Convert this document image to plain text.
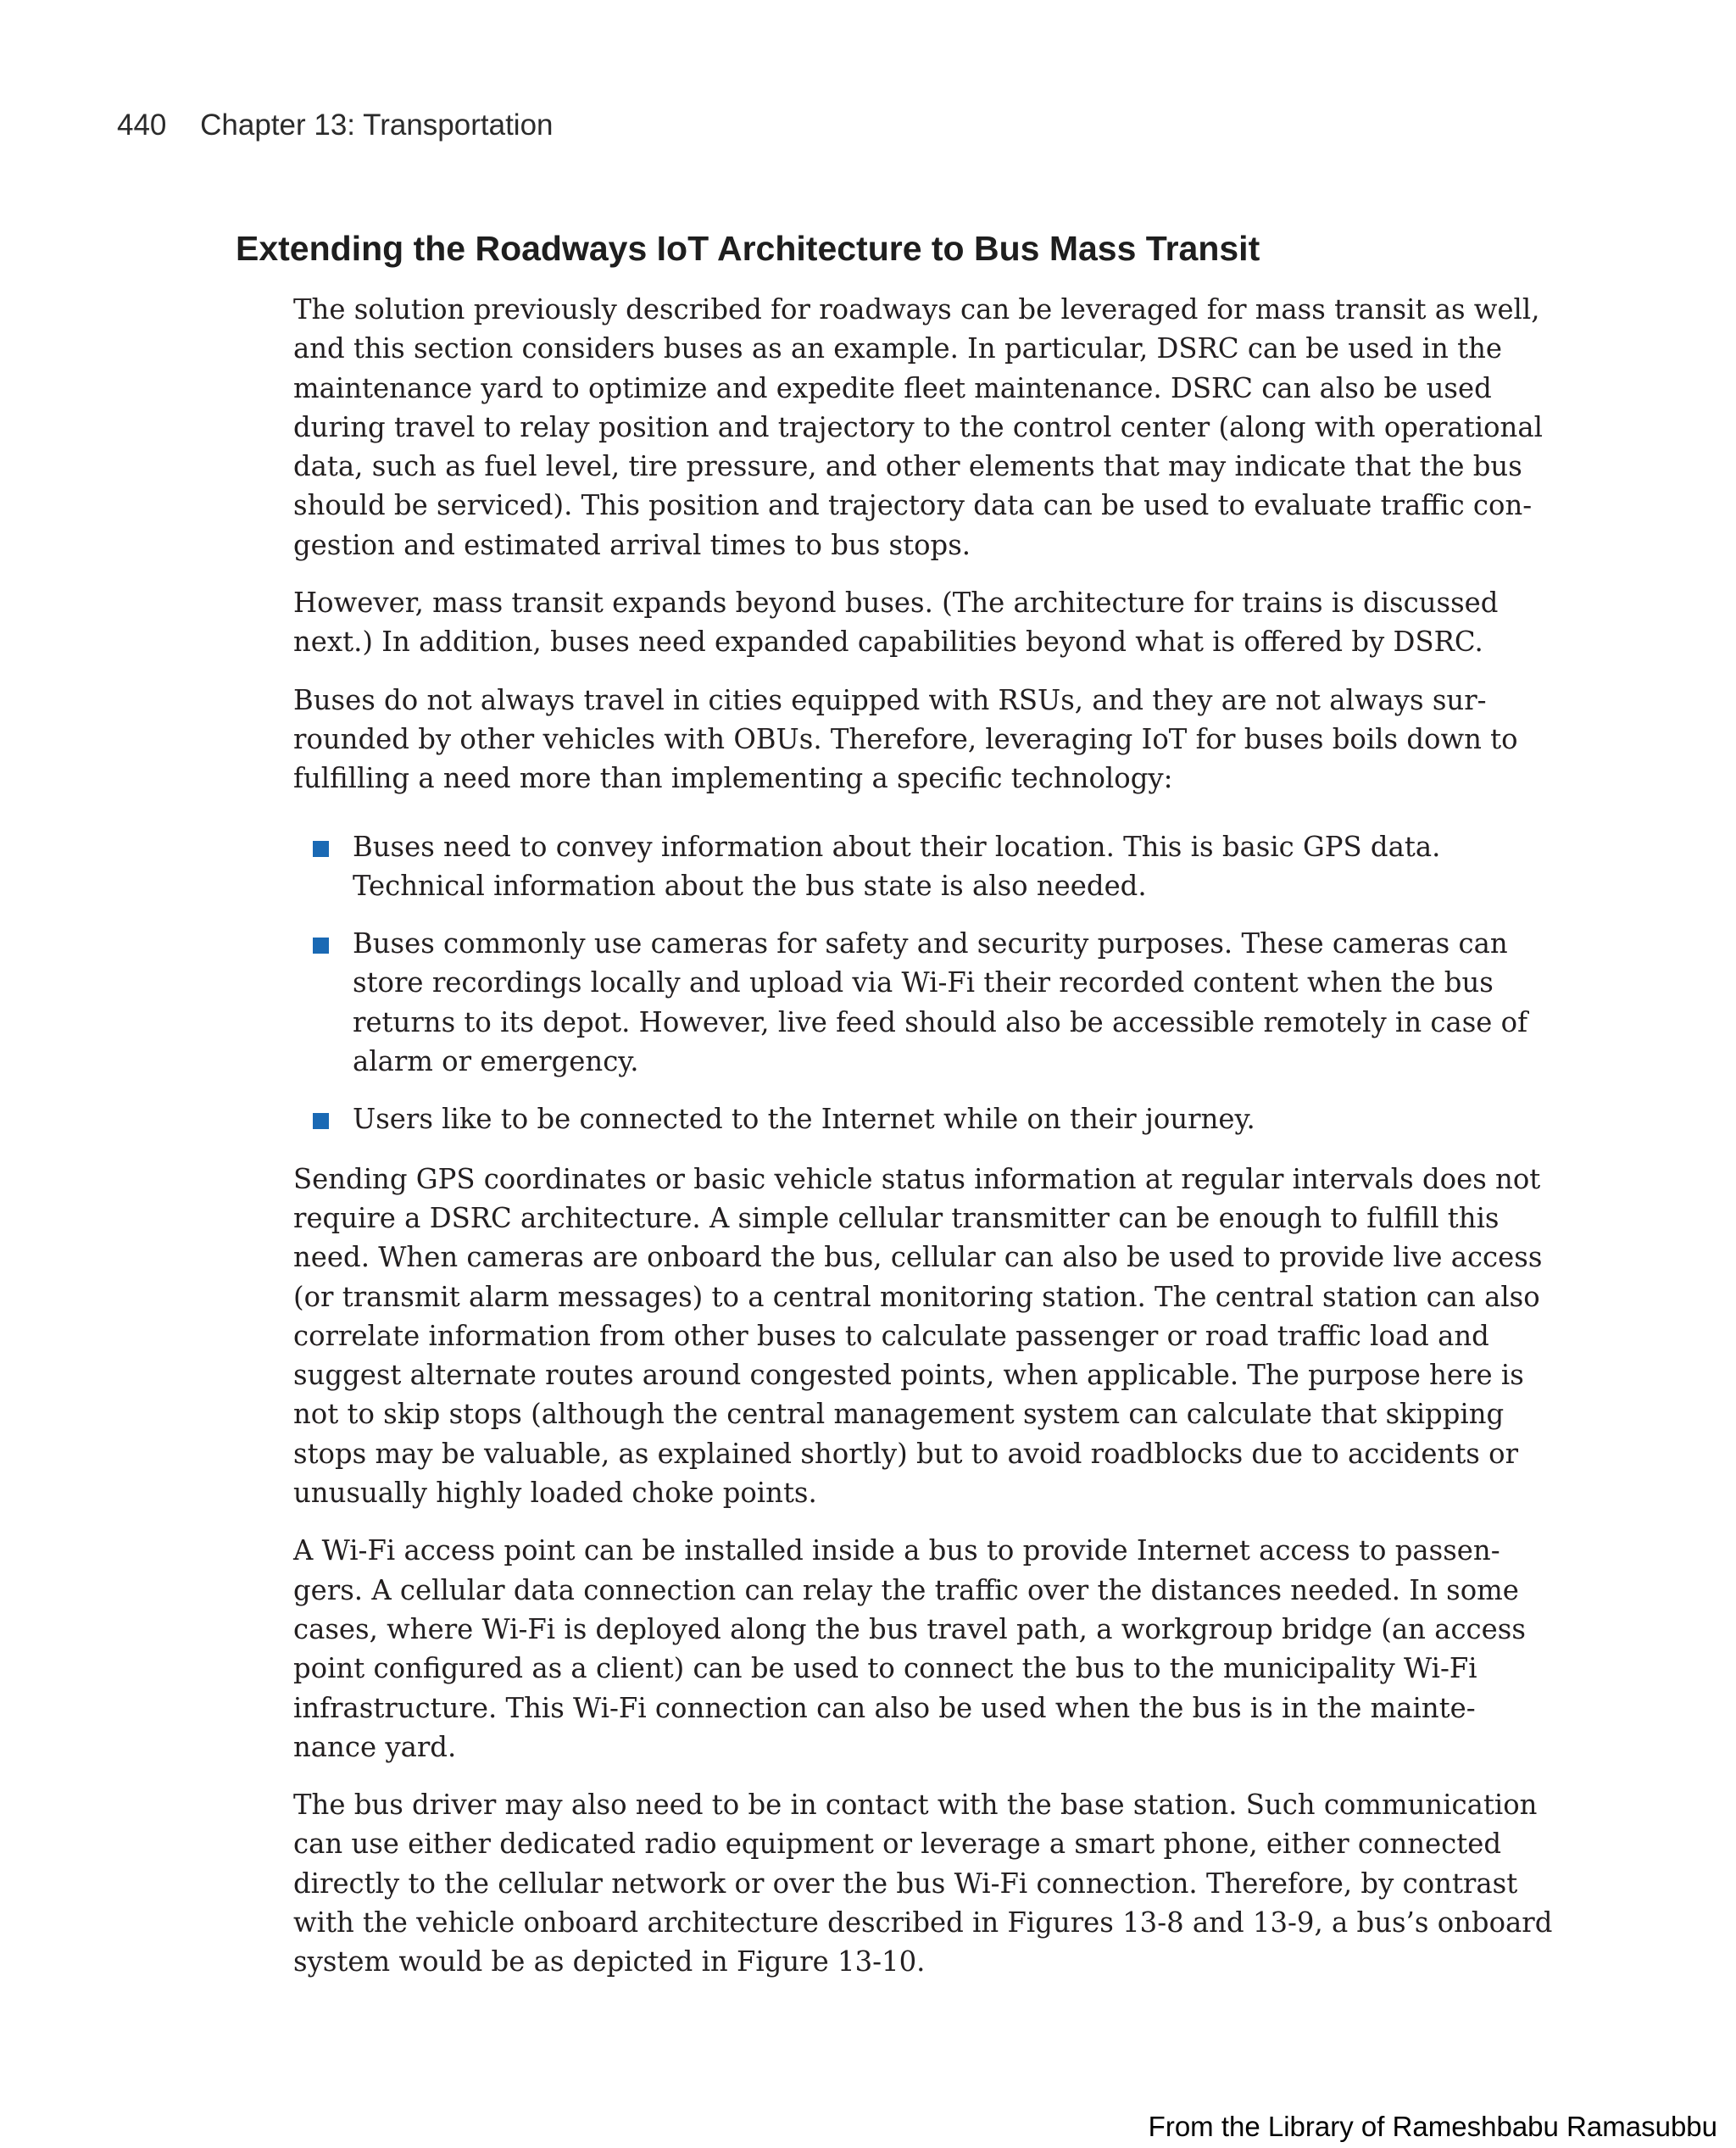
440 Chapter 13: Transportation
Extending the Roadways IoT Architecture to Bus Mass Transit

The solution previously described for roadways can be leveraged for mass transit as well,
and this section considers buses as an example. In particular, DSRC can be used in the
maintenance yard to optimize and expedite fleet maintenance. DSRC can also be used
during travel to relay position and trajectory to the control center (along with operational
data, such as fuel level, tire pressure, and other elements that may indicate that the bus
should be serviced). This position and trajectory data can be used to evaluate traffic con-
gestion and estimated arrival times to bus stops.

However, mass transit expands beyond buses. (The architecture for trains is discussed
next.) In addition, buses need expanded capabilities beyond what is offered by DSRC.

Buses do not always travel in cities equipped with RSUs, and they are not always sur-
rounded by other vehicles with OBUs. Therefore, leveraging IoT for buses boils down to
fulfilling a need more than implementing a specific technology:

Buses need to convey information about their location. This is basic GPS data.
Technical information about the bus state is also needed.
Buses commonly use cameras for safety and security purposes. These cameras can
store recordings locally and upload via Wi-Fi their recorded content when the bus
returns to its depot. However, live feed should also be accessible remotely in case of
alarm or emergency.
Users like to be connected to the Internet while on their journey.

Sending GPS coordinates or basic vehicle status information at regular intervals does not
require a DSRC architecture. A simple cellular transmitter can be enough to fulfill this
need. When cameras are onboard the bus, cellular can also be used to provide live access
(or transmit alarm messages) to a central monitoring station. The central station can also
correlate information from other buses to calculate passenger or road traffic load and
suggest alternate routes around congested points, when applicable. The purpose here is
not to skip stops (although the central management system can calculate that skipping
stops may be valuable, as explained shortly) but to avoid roadblocks due to accidents or
unusually highly loaded choke points.

A Wi-Fi access point can be installed inside a bus to provide Internet access to passen-
gers. A cellular data connection can relay the traffic over the distances needed. In some
cases, where Wi-Fi is deployed along the bus travel path, a workgroup bridge (an access
point configured as a client) can be used to connect the bus to the municipality Wi-Fi
infrastructure. This Wi-Fi connection can also be used when the bus is in the mainte-
nance yard.

The bus driver may also need to be in contact with the base station. Such communication
can use either dedicated radio equipment or leverage a smart phone, either connected
directly to the cellular network or over the bus Wi-Fi connection. Therefore, by contrast
with the vehicle onboard architecture described in Figures 13-8 and 13-9, a bus’s onboard
system would be as depicted in Figure 13-10.

From the Library of Rameshbabu Ramasubbu
